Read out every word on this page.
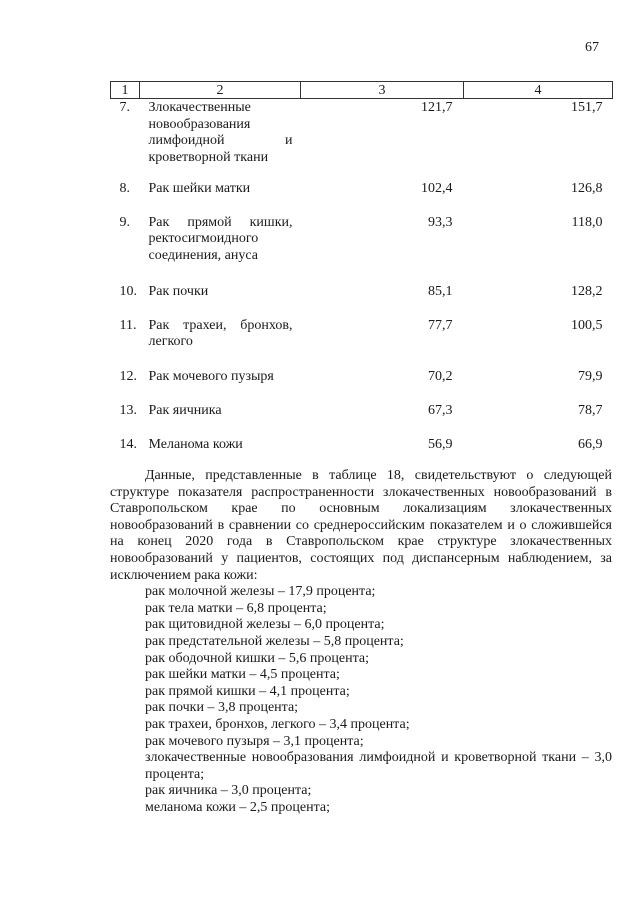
67
1	2	3	4
7.	Злокачественные новообразования лимфоидной и кроветворной ткани	121,7	151,7
8.	Рак шейки матки	102,4	126,8
9.	Рак прямой кишки, ректосигмоидного соединения, ануса	93,3	118,0
10.	Рак почки	85,1	128,2
11.	Рак трахеи, бронхов, легкого	77,7	100,5
12.	Рак мочевого пузыря	70,2	79,9
13.	Рак яичника	67,3	78,7
14.	Меланома кожи	56,9	66,9

Данные, представленные в таблице 18, свидетельствуют о следующей структуре показателя распространенности злокачественных новообразований в Ставропольском крае по основным локализациям злокачественных новообразований в сравнении со среднероссийским показателем и о сложившейся на конец 2020 года в Ставропольском крае структуре злокачественных новообразований у пациентов, состоящих под диспансерным наблюдением, за исключением рака кожи:

рак молочной железы – 17,9 процента;
рак тела матки – 6,8 процента;
рак щитовидной железы – 6,0 процента;
рак предстательной железы – 5,8 процента;
рак ободочной кишки – 5,6 процента;
рак шейки матки – 4,5 процента;
рак прямой кишки – 4,1 процента;
рак почки – 3,8 процента;
рак трахеи, бронхов, легкого – 3,4 процента;
рак мочевого пузыря – 3,1 процента;
злокачественные новообразования лимфоидной и кроветворной ткани – 3,0 процента;
рак яичника – 3,0 процента;
меланома кожи – 2,5 процента;
